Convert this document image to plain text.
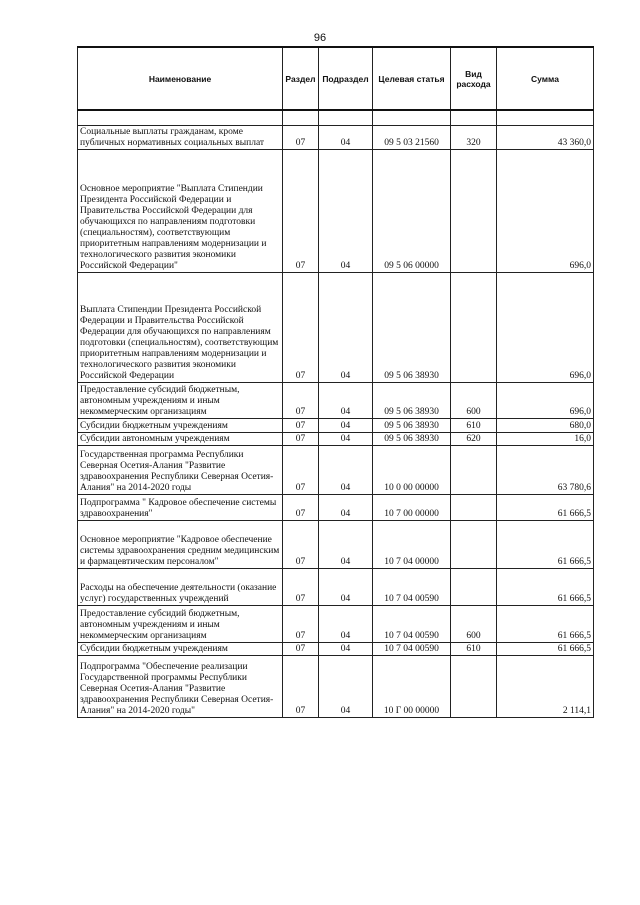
96
Наименование	Раздел	Подраздел	Целевая статья	Вид расхода	Сумма

Социальные выплаты гражданам, кроме публичных нормативных социальных выплат	07	04	09 5 03 21560	320	43 360,0
Основное мероприятие "Выплата Стипендии Президента Российской Федерации и Правительства Российской Федерации для обучающихся по направлениям подготовки (специальностям), соответствующим приоритетным направлениям модернизации и технологического развития экономики Российской Федерации"	07	04	09 5 06 00000		696,0
Выплата Стипендии Президента Российской Федерации и Правительства Российской Федерации для обучающихся по направлениям подготовки (специальностям), соответствующим приоритетным направлениям модернизации и технологического развития экономики Российской Федерации	07	04	09 5 06 38930		696,0
Предоставление субсидий бюджетным, автономным учреждениям и иным некоммерческим организациям	07	04	09 5 06 38930	600	696,0
Субсидии бюджетным учреждениям	07	04	09 5 06 38930	610	680,0
Субсидии автономным учреждениям	07	04	09 5 06 38930	620	16,0
Государственная программа Республики Северная Осетия-Алания "Развитие здравоохранения Республики Северная Осетия-Алания" на 2014-2020 годы	07	04	10 0 00 00000		63 780,6
Подпрограмма " Кадровое обеспечение системы здравоохранения"	07	04	10 7 00 00000		61 666,5
Основное мероприятие "Кадровое обеспечение системы здравоохранения средним медицинским и фармацевтическим персоналом"	07	04	10 7 04 00000		61 666,5
Расходы на обеспечение деятельности (оказание услуг) государственных учреждений	07	04	10 7 04 00590		61 666,5
Предоставление субсидий бюджетным, автономным учреждениям и иным некоммерческим организациям	07	04	10 7 04 00590	600	61 666,5
Субсидии бюджетным учреждениям	07	04	10 7 04 00590	610	61 666,5
Подпрограмма "Обеспечение реализации Государственной программы Республики Северная Осетия-Алания "Развитие здравоохранения Республики Северная Осетия-Алания" на 2014-2020 годы"	07	04	10 Г 00 00000		2 114,1
